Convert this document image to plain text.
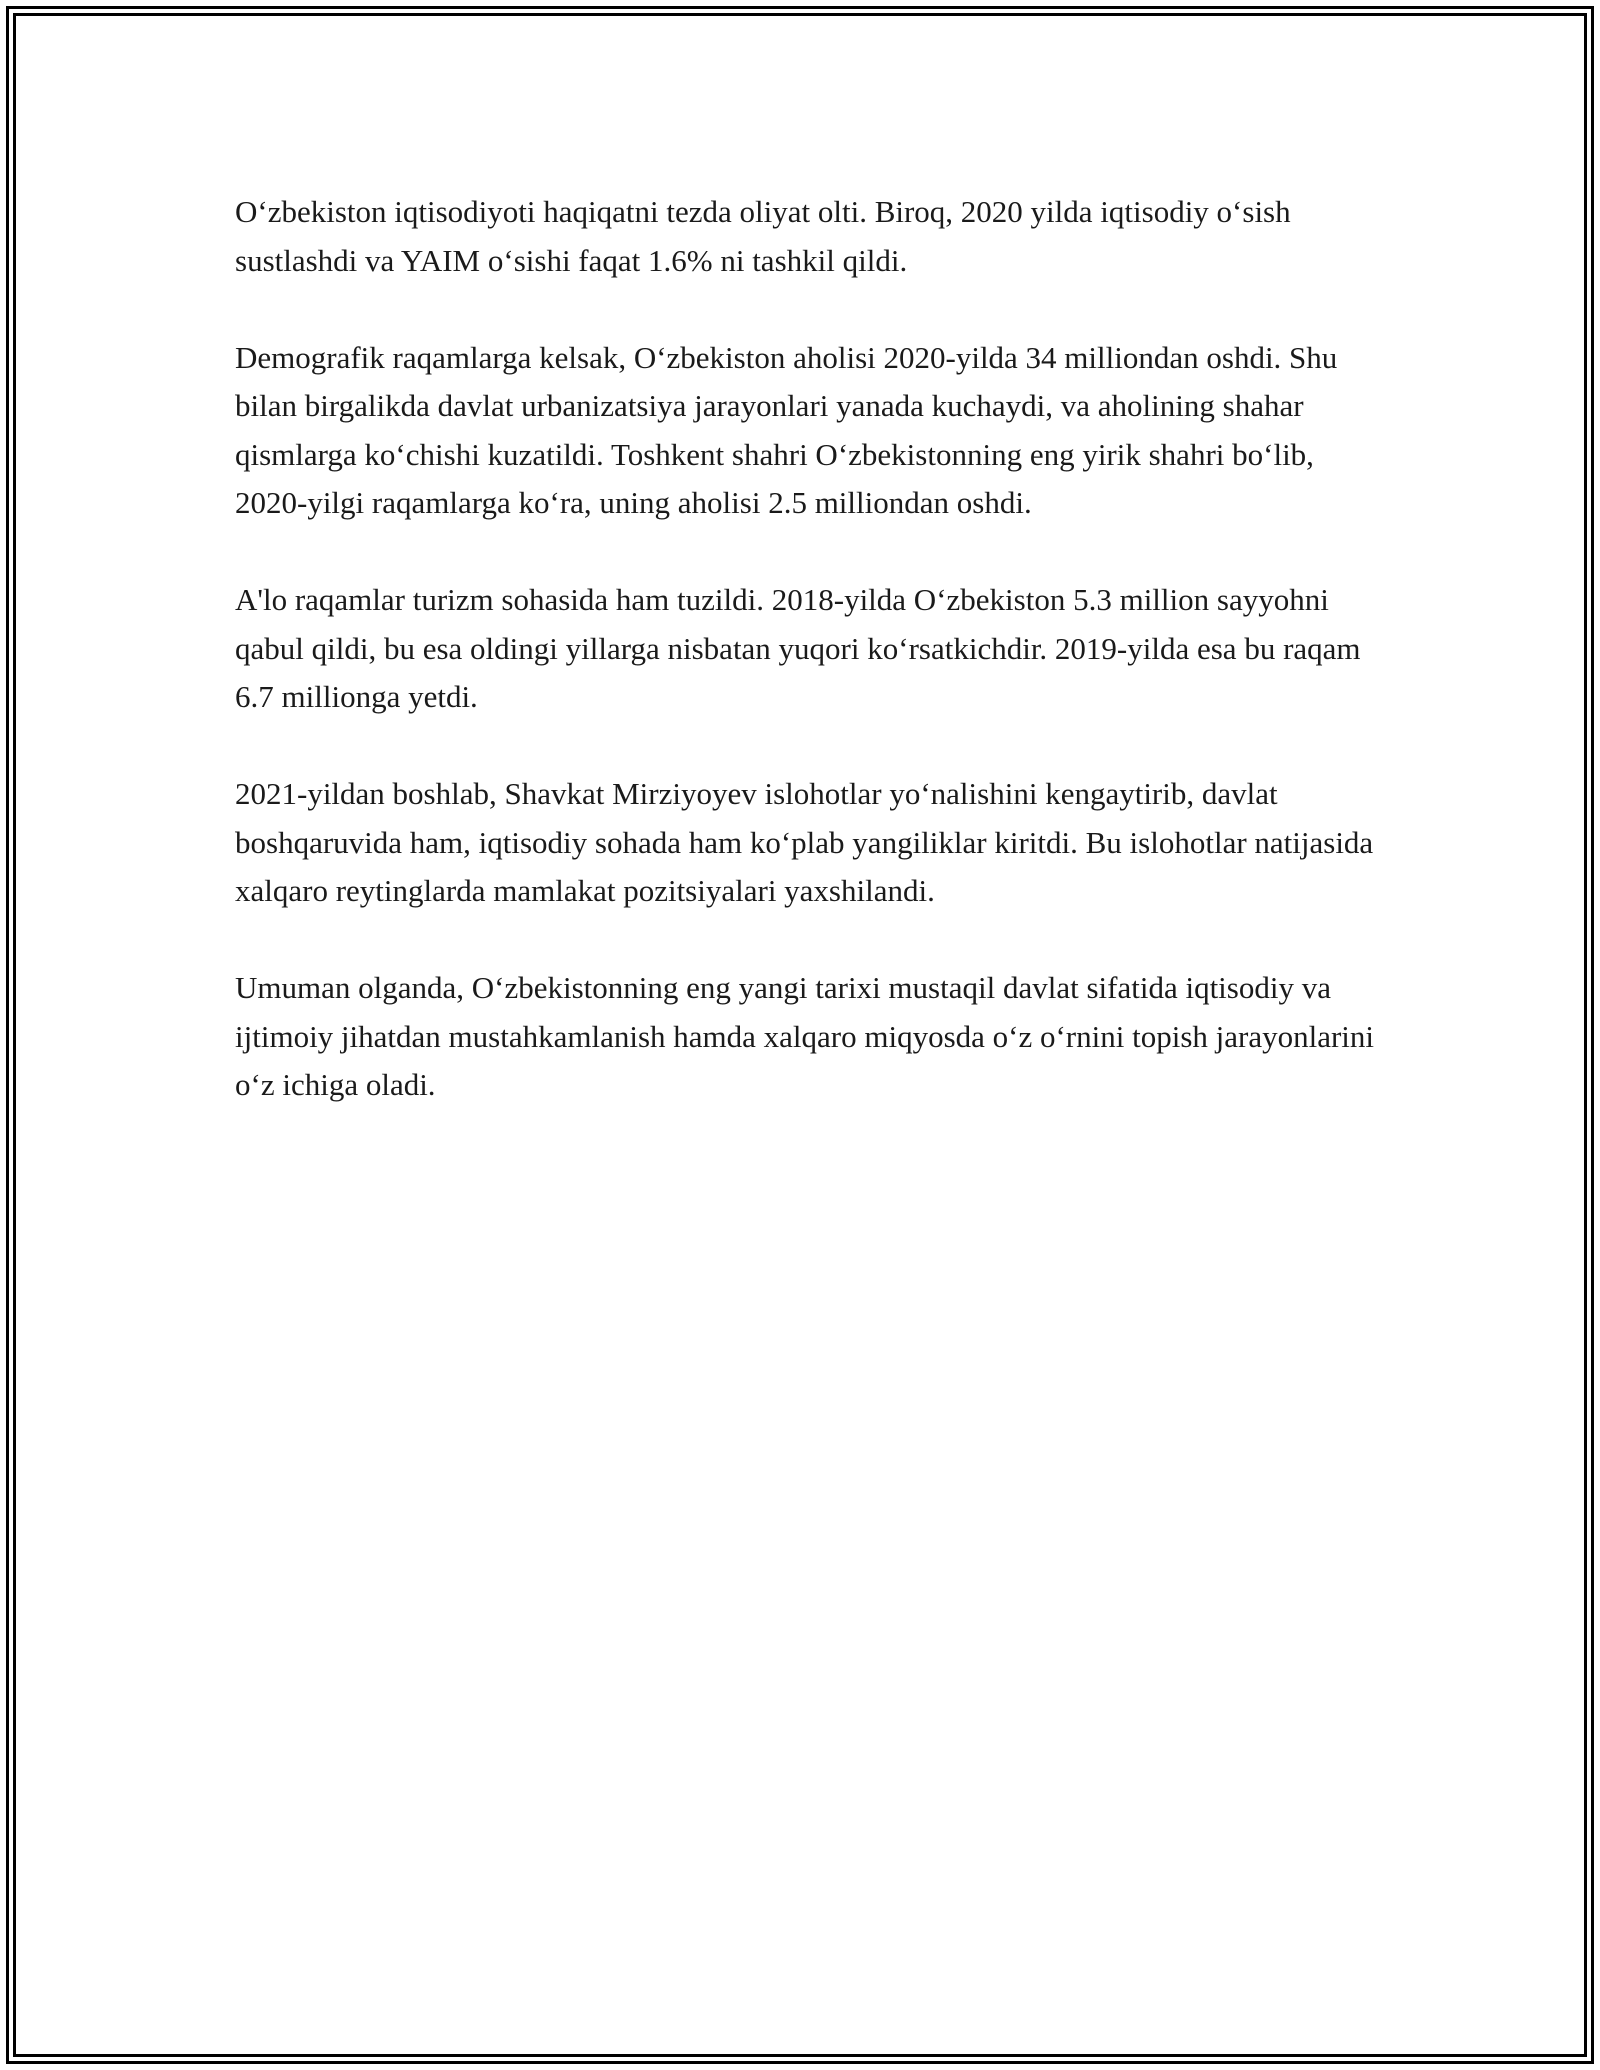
O‘zbekiston iqtisodiyoti haqiqatni tezda oliyat olti. Biroq, 2020 yilda iqtisodiy o‘sish sustlashdi va YAIM o‘sishi faqat 1.6% ni tashkil qildi.

Demografik raqamlarga kelsak, O‘zbekiston aholisi 2020-yilda 34 milliondan oshdi. Shu bilan birgalikda davlat urbanizatsiya jarayonlari yanada kuchaydi, va aholining shahar qismlarga ko‘chishi kuzatildi. Toshkent shahri O‘zbekistonning eng yirik shahri bo‘lib, 2020-yilgi raqamlarga ko‘ra, uning aholisi 2.5 milliondan oshdi.

A'lo raqamlar turizm sohasida ham tuzildi. 2018-yilda O‘zbekiston 5.3 million sayyohni qabul qildi, bu esa oldingi yillarga nisbatan yuqori ko‘rsatkichdir. 2019-yilda esa bu raqam 6.7 millionga yetdi.

2021-yildan boshlab, Shavkat Mirziyoyev islohotlar yo‘nalishini kengaytirib, davlat boshqaruvida ham, iqtisodiy sohada ham ko‘plab yangiliklar kiritdi. Bu islohotlar natijasida xalqaro reytinglarda mamlakat pozitsiyalari yaxshilandi.

Umuman olganda, O‘zbekistonning eng yangi tarixi mustaqil davlat sifatida iqtisodiy va ijtimoiy jihatdan mustahkamlanish hamda xalqaro miqyosda o‘z o‘rnini topish jarayonlarini o‘z ichiga oladi.
